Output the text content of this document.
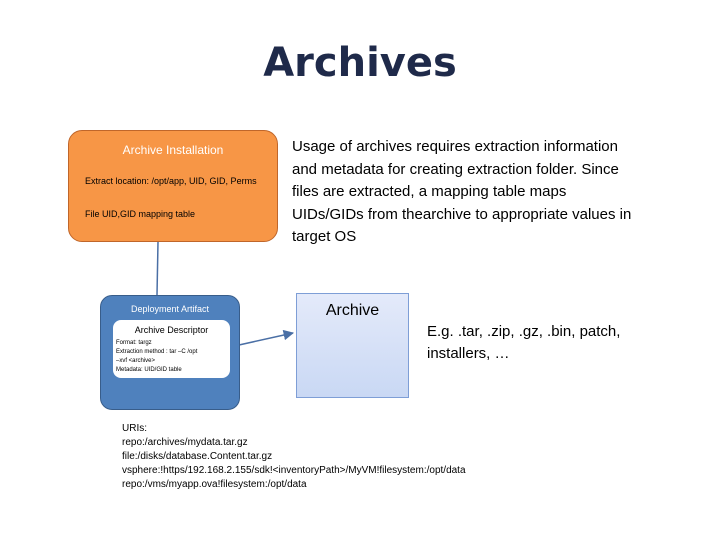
Archives
Archive Installation
Extract location: /opt/app, UID, GID, Perms
File UID,GID mapping table
Deployment Artifact
Archive Descriptor
Format: targz
Extraction method : tar –C /opt
–xvf <archive>
Metadata: UID/GID table
Archive
Usage of archives requires extraction information and metadata for creating extraction folder. Since files are extracted, a mapping table maps UIDs/GIDs from thearchive to appropriate values in target OS
E.g. .tar, .zip, .gz, .bin, patch, installers, …
URIs:
repo:/archives/mydata.tar.gz
file:/disks/database.Content.tar.gz
vsphere:!https/192.168.2.155/sdk!<inventoryPath>/MyVM!filesystem:/opt/data
repo:/vms/myapp.ova!filesystem:/opt/data
